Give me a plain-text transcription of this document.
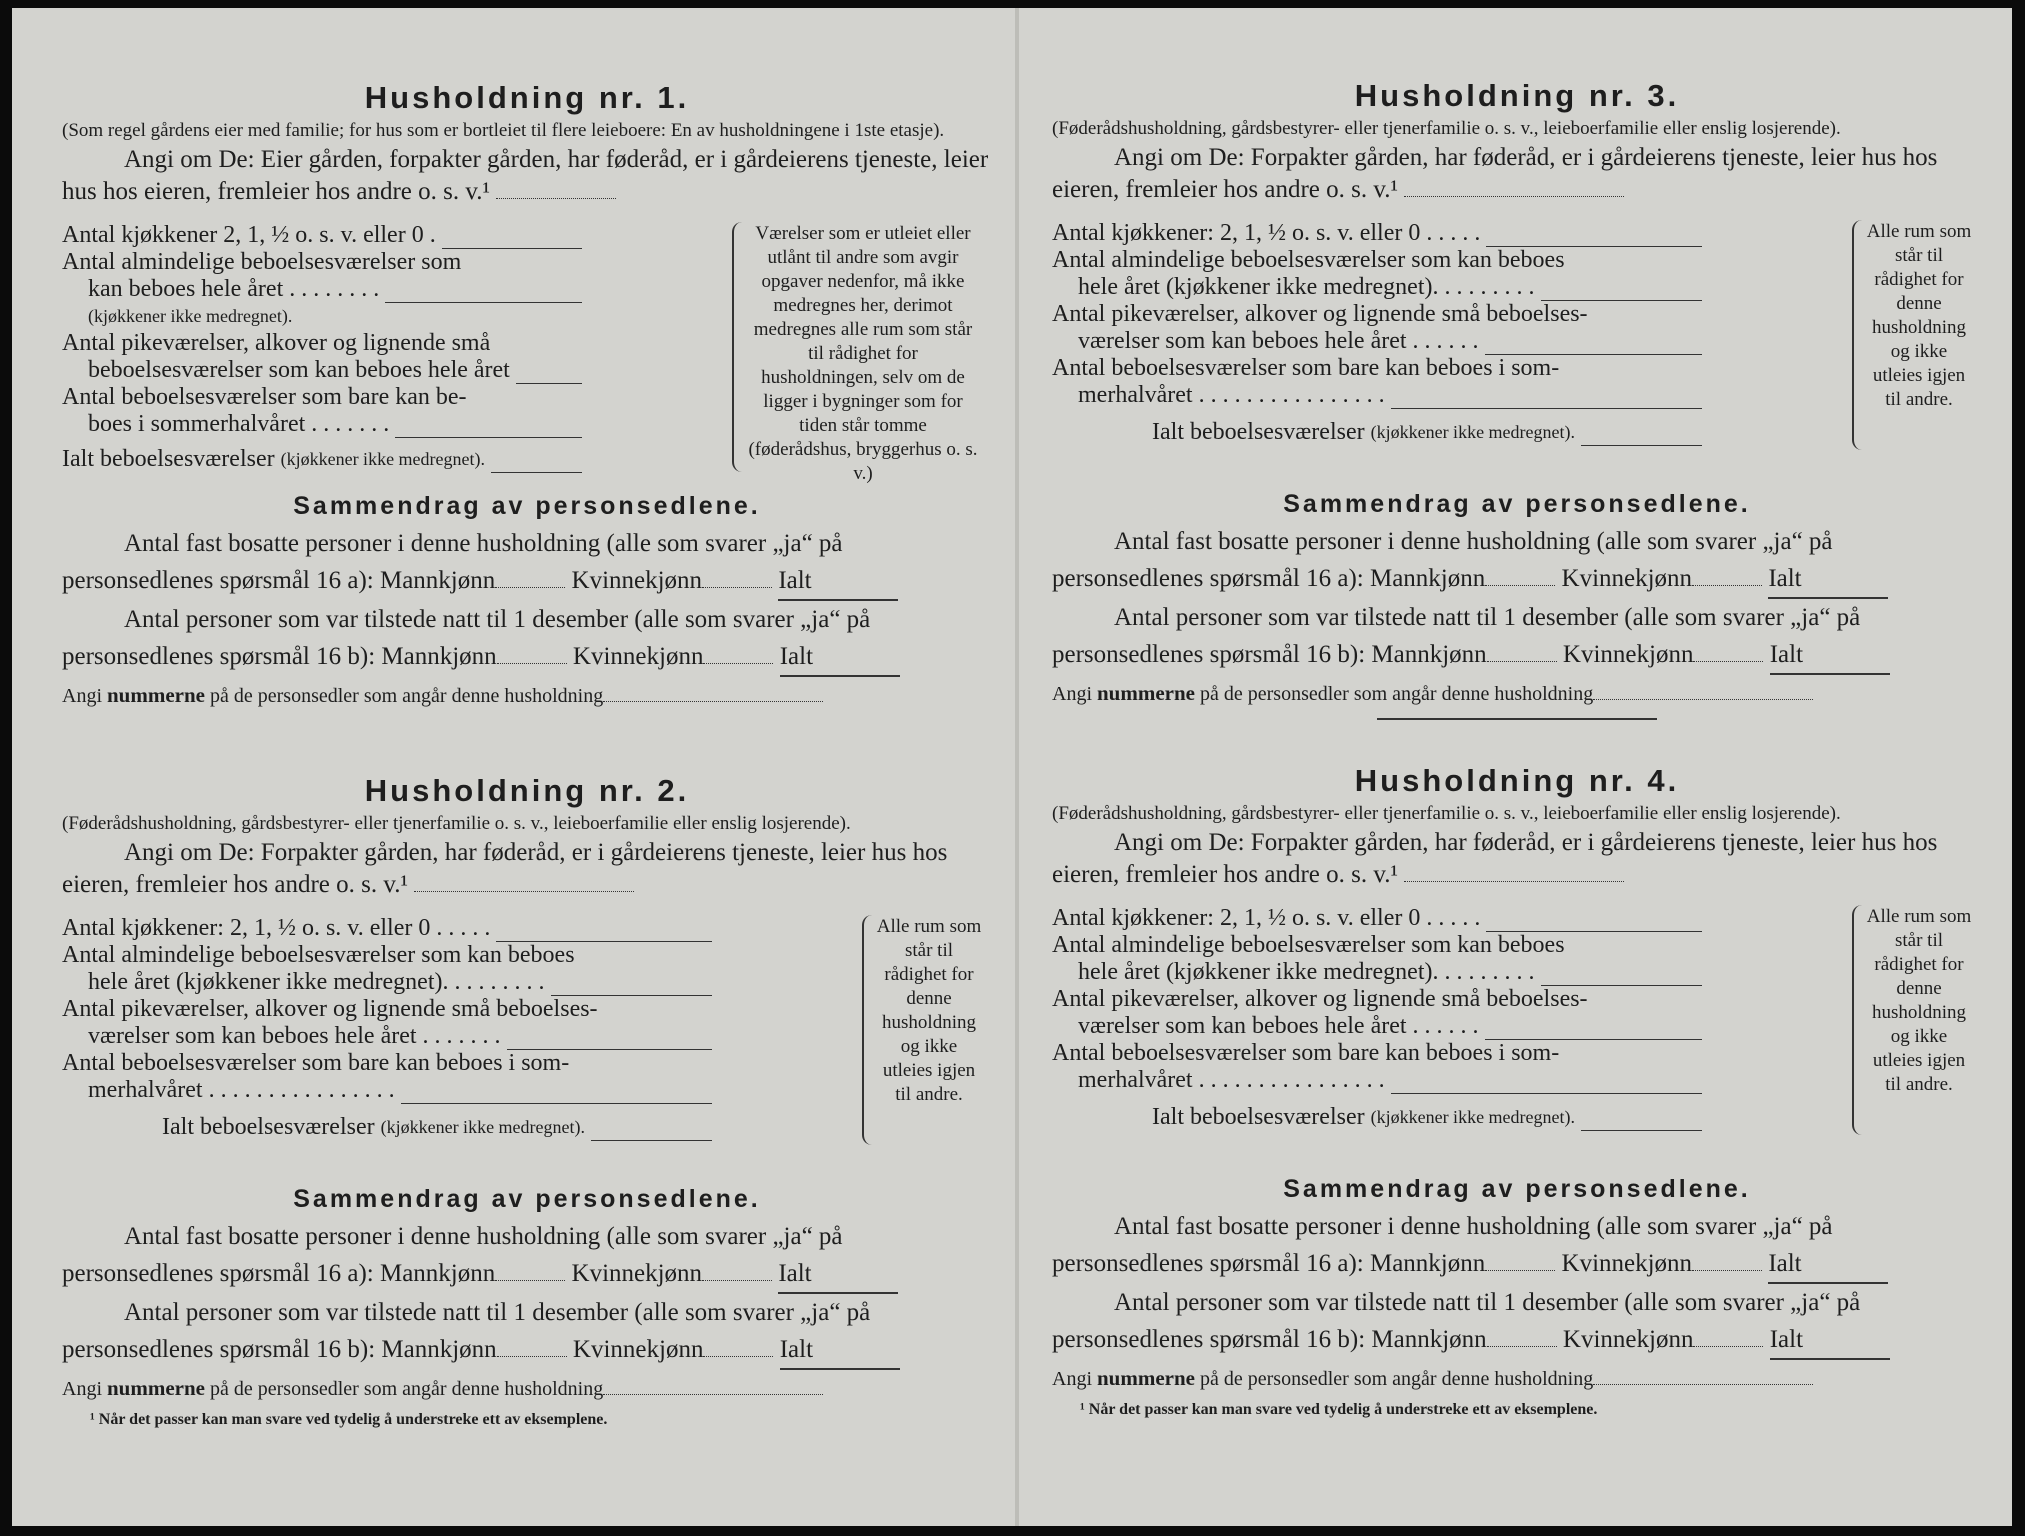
Husholdning nr. 1.

(Som regel gårdens eier med familie; for hus som er bortleiet til flere leieboere: En av husholdningene i 1ste etasje).

Angi om De: Eier gården, forpakter gården, har føderåd, er i gårdeierens tjeneste, leier hus hos eieren, fremleier hos andre o. s. v.¹

Antal kjøkkener 2, 1, ½ o. s. v. eller 0 .
Antal almindelige beboelsesværelser som
kan beboes hele året . . . . . . . .
(kjøkkener ikke medregnet).
Antal pikeværelser, alkover og lignende små
beboelsesværelser som kan beboes hele året
Antal beboelsesværelser som bare kan be-
boes i sommerhalvåret . . . . . . .
Ialt beboelsesværelser
(kjøkkener ikke medregnet).
Værelser som er utleiet eller utlånt til andre som avgir opgaver nedenfor, må ikke medregnes her, derimot medregnes alle rum som står til rådighet for husholdningen, selv om de ligger i bygninger som for tiden står tomme (føderådshus, bryggerhus o. s. v.)
Sammendrag av personsedlene.

Antal fast bosatte personer i denne husholdning (alle som svarer „ja“ på personsedlenes spørsmål 16 a): Mannkjønn	Kvinnekjønn	Ialt

Antal personer som var tilstede natt til 1 desember (alle som svarer „ja“ på personsedlenes spørsmål 16 b): Mannkjønn	Kvinnekjønn	Ialt

Angi nummerne på de personsedler som angår denne husholdning
Husholdning nr. 2.

(Føderådshusholdning, gårdsbestyrer- eller tjenerfamilie o. s. v., leieboerfamilie eller enslig losjerende).

Angi om De: Forpakter gården, har føderåd, er i gårdeierens tjeneste, leier hus hos eieren, fremleier hos andre o. s. v.¹

Antal kjøkkener: 2, 1, ½ o. s. v. eller 0 . . . . .
Antal almindelige beboelsesværelser som kan beboes
hele året (kjøkkener ikke medregnet). . . . . . . . .
Antal pikeværelser, alkover og lignende små beboelses-
værelser som kan beboes hele året . . . . . . .
Antal beboelsesværelser som bare kan beboes i som-
merhalvåret . . . . . . . . . . . . . . . .
Ialt beboelsesværelser
(kjøkkener ikke medregnet).
Alle rum som står til rådighet for denne husholdning og ikke utleies igjen til andre.
Sammendrag av personsedlene.

Antal fast bosatte personer i denne husholdning (alle som svarer „ja“ på personsedlenes spørsmål 16 a): Mannkjønn	Kvinnekjønn	Ialt

Antal personer som var tilstede natt til 1 desember (alle som svarer „ja“ på personsedlenes spørsmål 16 b): Mannkjønn	Kvinnekjønn	Ialt

Angi nummerne på de personsedler som angår denne husholdning
¹ Når det passer kan man svare ved tydelig å understreke ett av eksemplene.
Husholdning nr. 3.

(Føderådshusholdning, gårdsbestyrer- eller tjenerfamilie o. s. v., leieboerfamilie eller enslig losjerende).

Angi om De: Forpakter gården, har føderåd, er i gårdeierens tjeneste, leier hus hos eieren, fremleier hos andre o. s. v.¹

Antal kjøkkener: 2, 1, ½ o. s. v. eller 0 . . . . .
Antal almindelige beboelsesværelser som kan beboes
hele året (kjøkkener ikke medregnet). . . . . . . . .
Antal pikeværelser, alkover og lignende små beboelses-
værelser som kan beboes hele året . . . . . .
Antal beboelsesværelser som bare kan beboes i som-
merhalvåret . . . . . . . . . . . . . . . .
Ialt beboelsesværelser
(kjøkkener ikke medregnet).
Alle rum som står til rådighet for denne husholdning og ikke utleies igjen til andre.
Sammendrag av personsedlene.

Antal fast bosatte personer i denne husholdning (alle som svarer „ja“ på personsedlenes spørsmål 16 a): Mannkjønn	Kvinnekjønn	Ialt

Antal personer som var tilstede natt til 1 desember (alle som svarer „ja“ på personsedlenes spørsmål 16 b): Mannkjønn	Kvinnekjønn	Ialt

Angi nummerne på de personsedler som angår denne husholdning
Husholdning nr. 4.

(Føderådshusholdning, gårdsbestyrer- eller tjenerfamilie o. s. v., leieboerfamilie eller enslig losjerende).

Angi om De: Forpakter gården, har føderåd, er i gårdeierens tjeneste, leier hus hos eieren, fremleier hos andre o. s. v.¹

Antal kjøkkener: 2, 1, ½ o. s. v. eller 0 . . . . .
Antal almindelige beboelsesværelser som kan beboes
hele året (kjøkkener ikke medregnet). . . . . . . . .
Antal pikeværelser, alkover og lignende små beboelses-
værelser som kan beboes hele året . . . . . .
Antal beboelsesværelser som bare kan beboes i som-
merhalvåret . . . . . . . . . . . . . . . .
Ialt beboelsesværelser
(kjøkkener ikke medregnet).
Alle rum som står til rådighet for denne husholdning og ikke utleies igjen til andre.
Sammendrag av personsedlene.

Antal fast bosatte personer i denne husholdning (alle som svarer „ja“ på personsedlenes spørsmål 16 a): Mannkjønn	Kvinnekjønn	Ialt

Antal personer som var tilstede natt til 1 desember (alle som svarer „ja“ på personsedlenes spørsmål 16 b): Mannkjønn	Kvinnekjønn	Ialt

Angi nummerne på de personsedler som angår denne husholdning
¹ Når det passer kan man svare ved tydelig å understreke ett av eksemplene.
